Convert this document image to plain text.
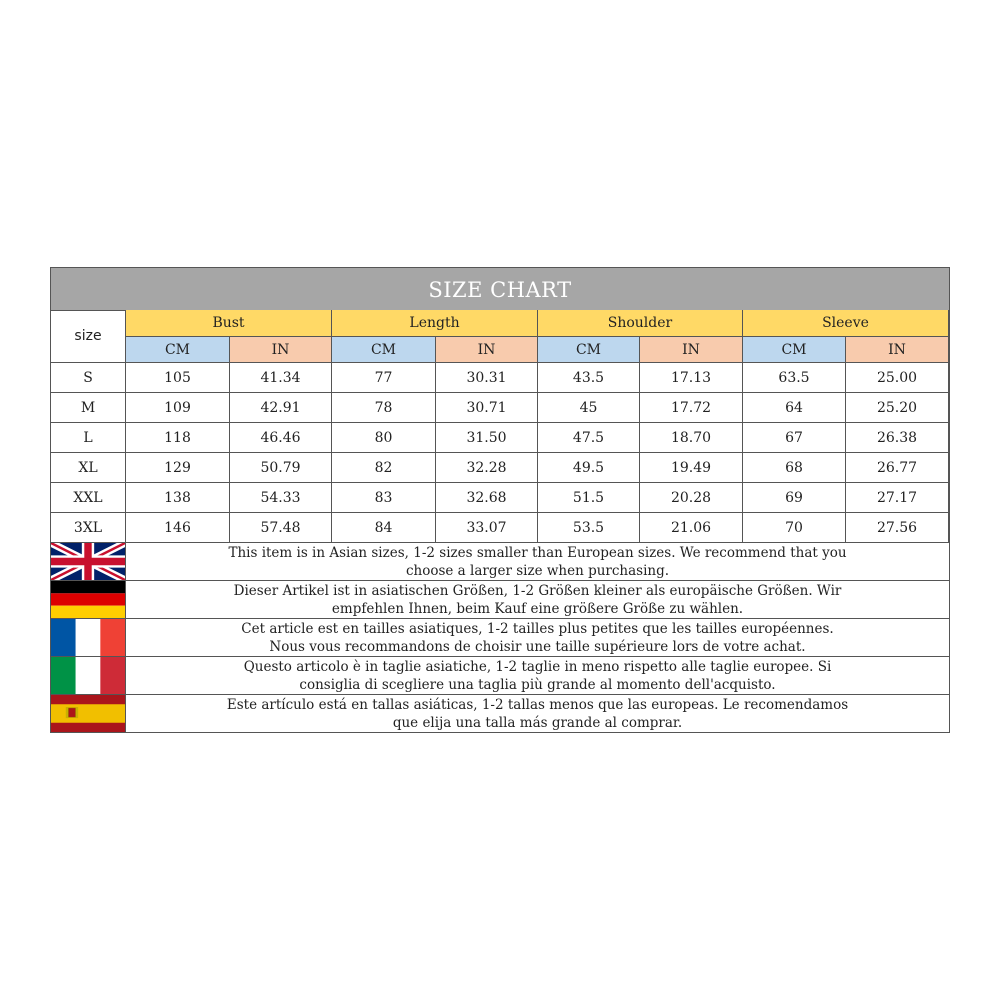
SIZE CHART
size
Bust	Length	Shoulder	Sleeve
CM	IN	CM	IN	CM	IN	CM	IN
S	105	41.34	77	30.31	43.5	17.13	63.5	25.00
M	109	42.91	78	30.71	45	17.72	64	25.20
L	118	46.46	80	31.50	47.5	18.70	67	26.38
XL	129	50.79	82	32.28	49.5	19.49	68	26.77
XXL	138	54.33	83	32.68	51.5	20.28	69	27.17
3XL	146	57.48	84	33.07	53.5	21.06	70	27.56
This item is in Asian sizes, 1-2 sizes smaller than European sizes. We recommend that you
choose a larger size when purchasing.
Dieser Artikel ist in asiatischen Größen, 1-2 Größen kleiner als europäische Größen. Wir
empfehlen Ihnen, beim Kauf eine größere Größe zu wählen.
Cet article est en tailles asiatiques, 1-2 tailles plus petites que les tailles européennes.
Nous vous recommandons de choisir une taille supérieure lors de votre achat.
Questo articolo è in taglie asiatiche, 1-2 taglie in meno rispetto alle taglie europee. Si
consiglia di scegliere una taglia più grande al momento dell'acquisto.
Este artículo está en tallas asiáticas, 1-2 tallas menos que las europeas. Le recomendamos
que elija una talla más grande al comprar.
